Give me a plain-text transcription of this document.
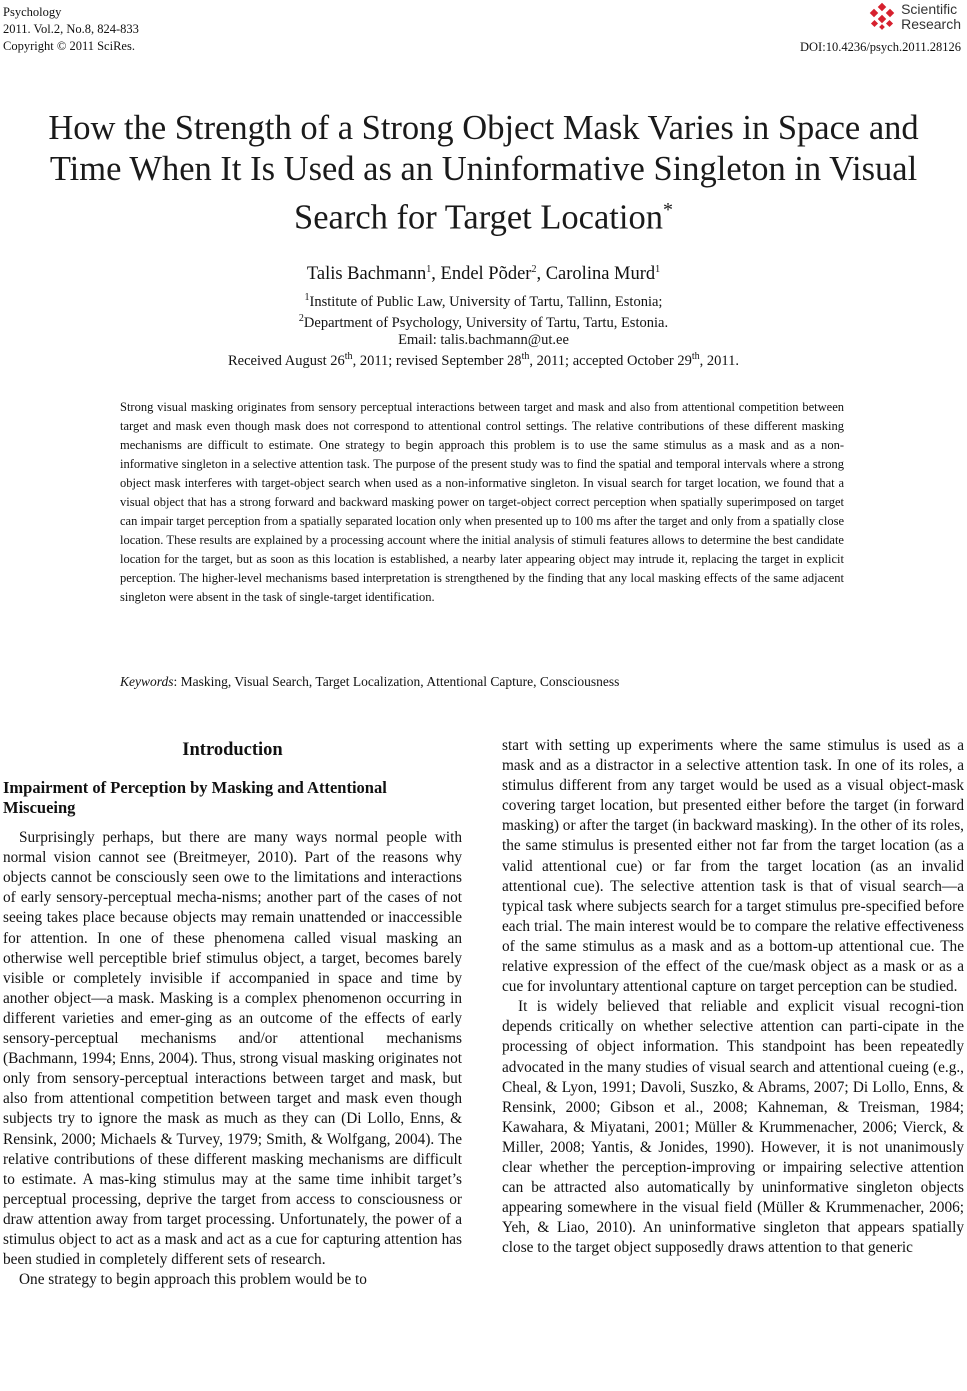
Psychology
2011. Vol.2, No.8, 824-833
Copyright © 2011 SciRes.
Scientific
Research
DOI:10.4236/psych.2011.28126
How the Strength of a Strong Object Mask Varies in Space and
Time When It Is Used as an Uninformative Singleton in Visual
Search for Target Location*
Talis Bachmann$^1$, Endel Põder$^2$, Carolina Murd$^1$
$^1$Institute of Public Law, University of Tartu, Tallinn, Estonia;
$^2$Department of Psychology, University of Tartu, Tartu, Estonia.
Email: talis.bachmann@ut.ee
Received August 26th, 2011; revised September 28th, 2011; accepted October 29th, 2011.
Strong visual masking originates from sensory perceptual interactions between target and mask and also from attentional competition between target and mask even though mask does not correspond to attentional control settings. The relative contributions of these different masking mechanisms are difficult to estimate. One strategy to begin approach this problem is to use the same stimulus as a mask and as a non-informative singleton in a selective attention task. The purpose of the present study was to find the spatial and temporal intervals where a strong object mask interferes with target-object search when used as a non-informative singleton. In visual search for target location, we found that a visual object that has a strong forward and backward masking power on target-object correct perception when spatially superimposed on target can impair target perception from a spatially separated location only when presented up to 100 ms after the target and only from a spatially close location. These results are explained by a processing account where the initial analysis of stimuli features allows to determine the best candidate location for the target, but as soon as this location is established, a nearby later appearing object may intrude it, replacing the target in explicit perception. The higher-level mechanisms based interpretation is strengthened by the finding that any local masking effects of the same adjacent singleton were absent in the task of single-target identification.
Keywords: Masking, Visual Search, Target Localization, Attentional Capture, Consciousness
Introduction
Impairment of Perception by Masking and Attentional Miscueing

Surprisingly perhaps, but there are many ways normal people with normal vision cannot see (Breitmeyer, 2010). Part of the reasons why objects cannot be consciously seen owe to the limitations and interactions of early sensory-perceptual mecha-nisms; another part of the cases of not seeing takes place because objects may remain unattended or inaccessible for attention. In one of these phenomena called visual masking an otherwise well perceptible brief stimulus object, a target, becomes barely visible or completely invisible if accompanied in space and time by another object—a mask. Masking is a complex phenomenon occurring in different varieties and emer-ging as an outcome of the effects of early sensory-perceptual mechanisms and/or attentional mechanisms (Bachmann, 1994; Enns, 2004). Thus, strong visual masking originates not only from sensory-perceptual interactions between target and mask, but also from attentional competition between target and mask even though subjects try to ignore the mask as much as they can (Di Lollo, Enns, & Rensink, 2000; Michaels & Turvey, 1979; Smith, & Wolfgang, 2004). The relative contributions of these different masking mechanisms are difficult to estimate. A mas-king stimulus may at the same time inhibit target’s perceptual processing, deprive the target from access to consciousness or draw attention away from target processing. Unfortunately, the power of a stimulus object to act as a mask and act as a cue for capturing attention has been studied in completely different sets of research.

One strategy to begin approach this problem would be to

start with setting up experiments where the same stimulus is used as a mask and as a distractor in a selective attention task. In one of its roles, a stimulus different from any target would be used as a visual object-mask covering target location, but presented either before the target (in forward masking) or after the target (in backward masking). In the other of its roles, the same stimulus is presented either not far from the target location (as a valid attentional cue) or far from the target location (as an invalid attentional cue). The selective attention task is that of visual search—a typical task where subjects search for a target stimulus pre-specified before each trial. The main interest would be to compare the relative effectiveness of the same stimulus as a mask and as a bottom-up attentional cue. The relative expression of the effect of the cue/mask object as a mask or as a cue for involuntary attentional capture on target perception can be studied.

It is widely believed that reliable and explicit visual recogni-tion depends critically on whether selective attention can parti-cipate in the processing of object information. This standpoint has been repeatedly advocated in the many studies of visual search and attentional cueing (e.g., Cheal, & Lyon, 1991; Davoli, Suszko, & Abrams, 2007; Di Lollo, Enns, & Rensink, 2000; Gibson et al., 2008; Kahneman, & Treisman, 1984; Kawahara, & Miyatani, 2001; Müller & Krummenacher, 2006; Vierck, & Miller, 2008; Yantis, & Jonides, 1990). However, it is not unanimously clear whether the perception-improving or impairing selective attention can be attracted also automatically by uninformative singleton objects appearing somewhere in the visual field (Müller & Krummenacher, 2006; Yeh, & Liao, 2010). An uninformative singleton that appears spatially close to the target object supposedly draws attention to that generic
